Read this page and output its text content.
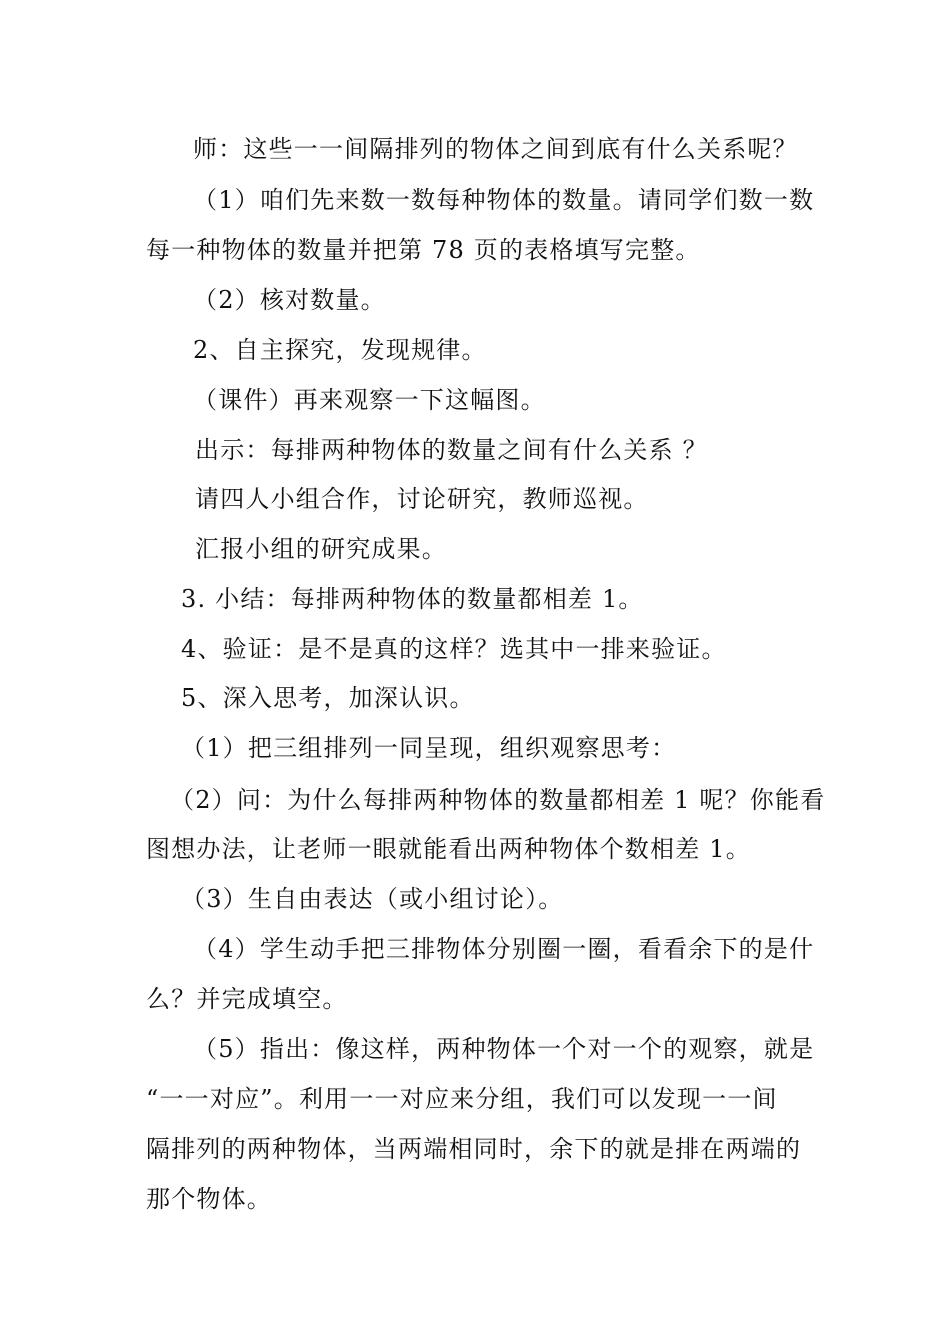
师：这些一一间隔排列的物体之间到底有什么关系呢？
（1）咱们先来数一数每种物体的数量。请同学们数一数
每一种物体的数量并把第 78 页的表格填写完整。
（2）核对数量。
2、自主探究，发现规律。
（课件）再来观察一下这幅图。
出示：每排两种物体的数量之间有什么关系 ？
请四人小组合作，讨论研究，教师巡视。
汇报小组的研究成果。
3. 小结：每排两种物体的数量都相差 1。
4、验证：是不是真的这样？选其中一排来验证。
5、深入思考，加深认识。
（1）把三组排列一同呈现，组织观察思考：
（2）问：为什么每排两种物体的数量都相差 1 呢？你能看
图想办法，让老师一眼就能看出两种物体个数相差 1。
（3）生自由表达（或小组讨论）。
（4）学生动手把三排物体分别圈一圈，看看余下的是什
么？并完成填空。
（5）指出：像这样，两种物体一个对一个的观察，就是
“一一对应”。利用一一对应来分组，我们可以发现一一间
隔排列的两种物体，当两端相同时，余下的就是排在两端的
那个物体。
